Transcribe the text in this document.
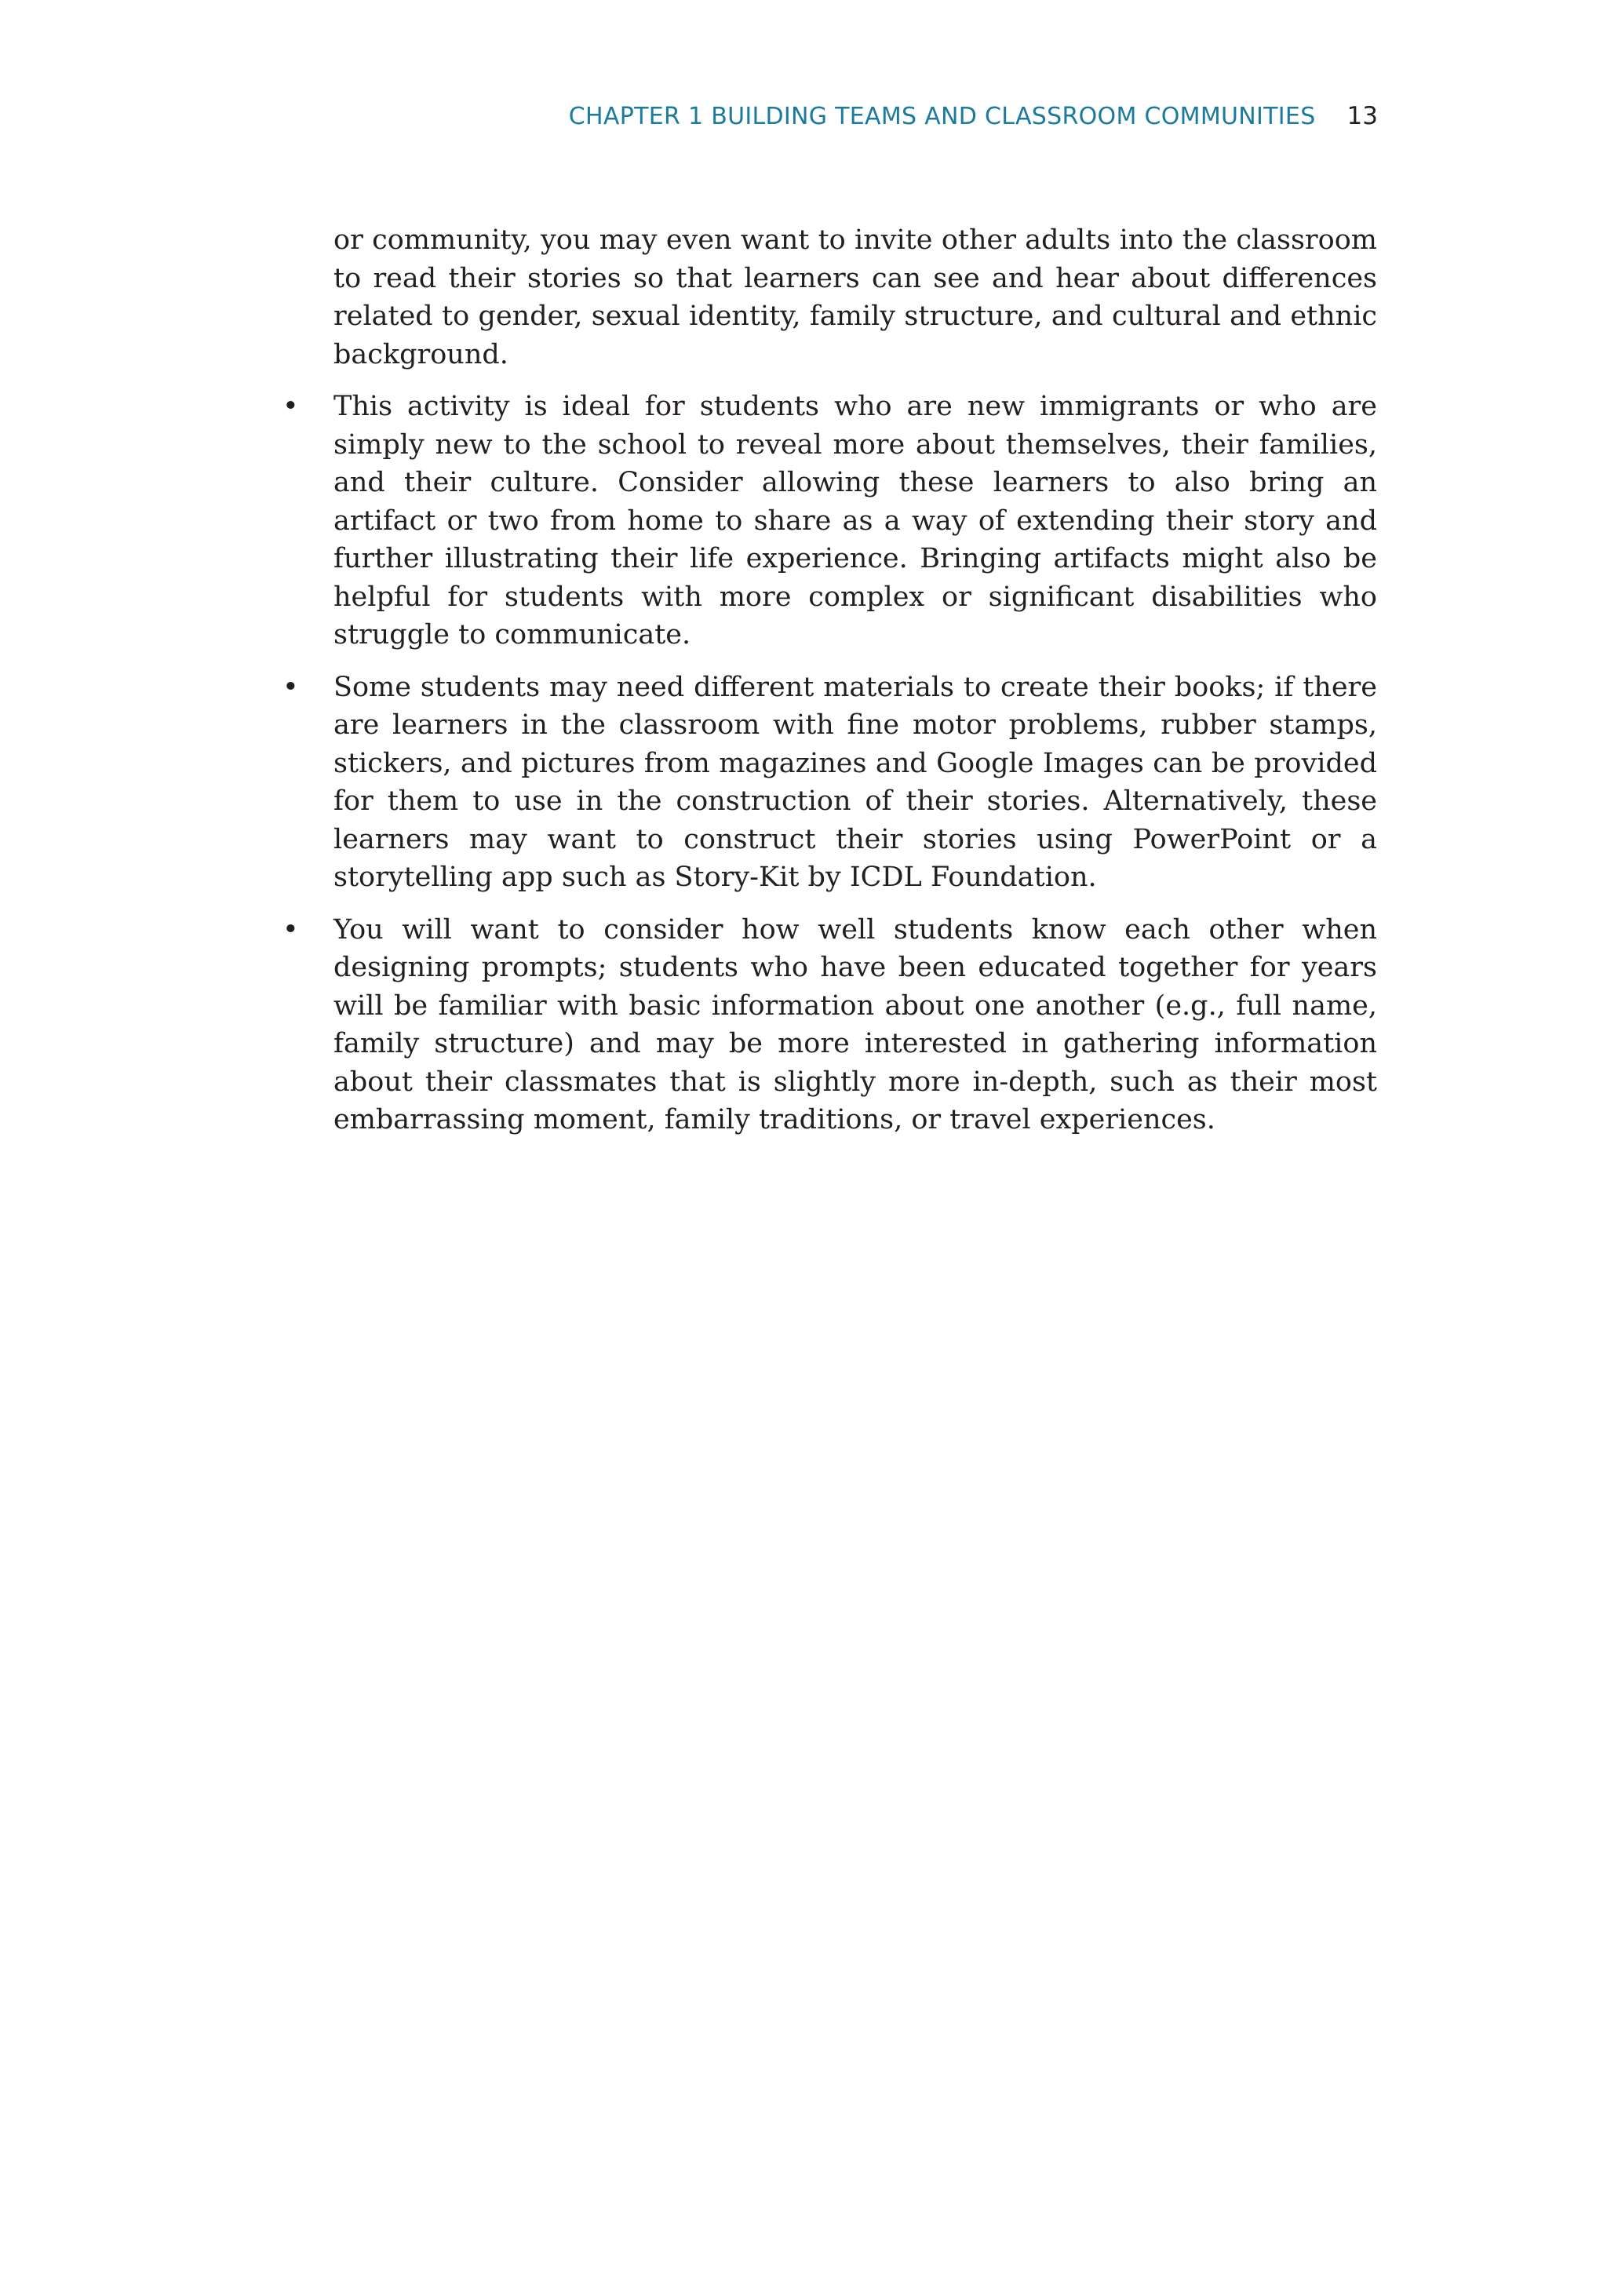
CHAPTER 1 BUILDING TEAMS AND CLASSROOM COMMUNITIES 13

or community, you may even want to invite other adults into the classroom to read their stories so that learners can see and hear about differences related to gender, sexual identity, family structure, and cultural and ethnic background.

• This activity is ideal for students who are new immigrants or who are simply new to the school to reveal more about themselves, their families, and their culture. Consider allowing these learners to also bring an artifact or two from home to share as a way of extending their story and further illustrating their life experience. Bringing artifacts might also be helpful for students with more complex or significant disabilities who struggle to communicate.
• Some students may need different materials to create their books; if there are learners in the classroom with fine motor problems, rubber stamps, stickers, and pictures from magazines and Google Images can be provided for them to use in the construction of their stories. Alternatively, these learners may want to construct their stories using PowerPoint or a storytelling app such as Story-Kit by ICDL Foundation.
• You will want to consider how well students know each other when designing prompts; students who have been educated together for years will be familiar with basic information about one another (e.g., full name, family structure) and may be more interested in gathering information about their classmates that is slightly more in-depth, such as their most embarrassing moment, family traditions, or travel experiences.
